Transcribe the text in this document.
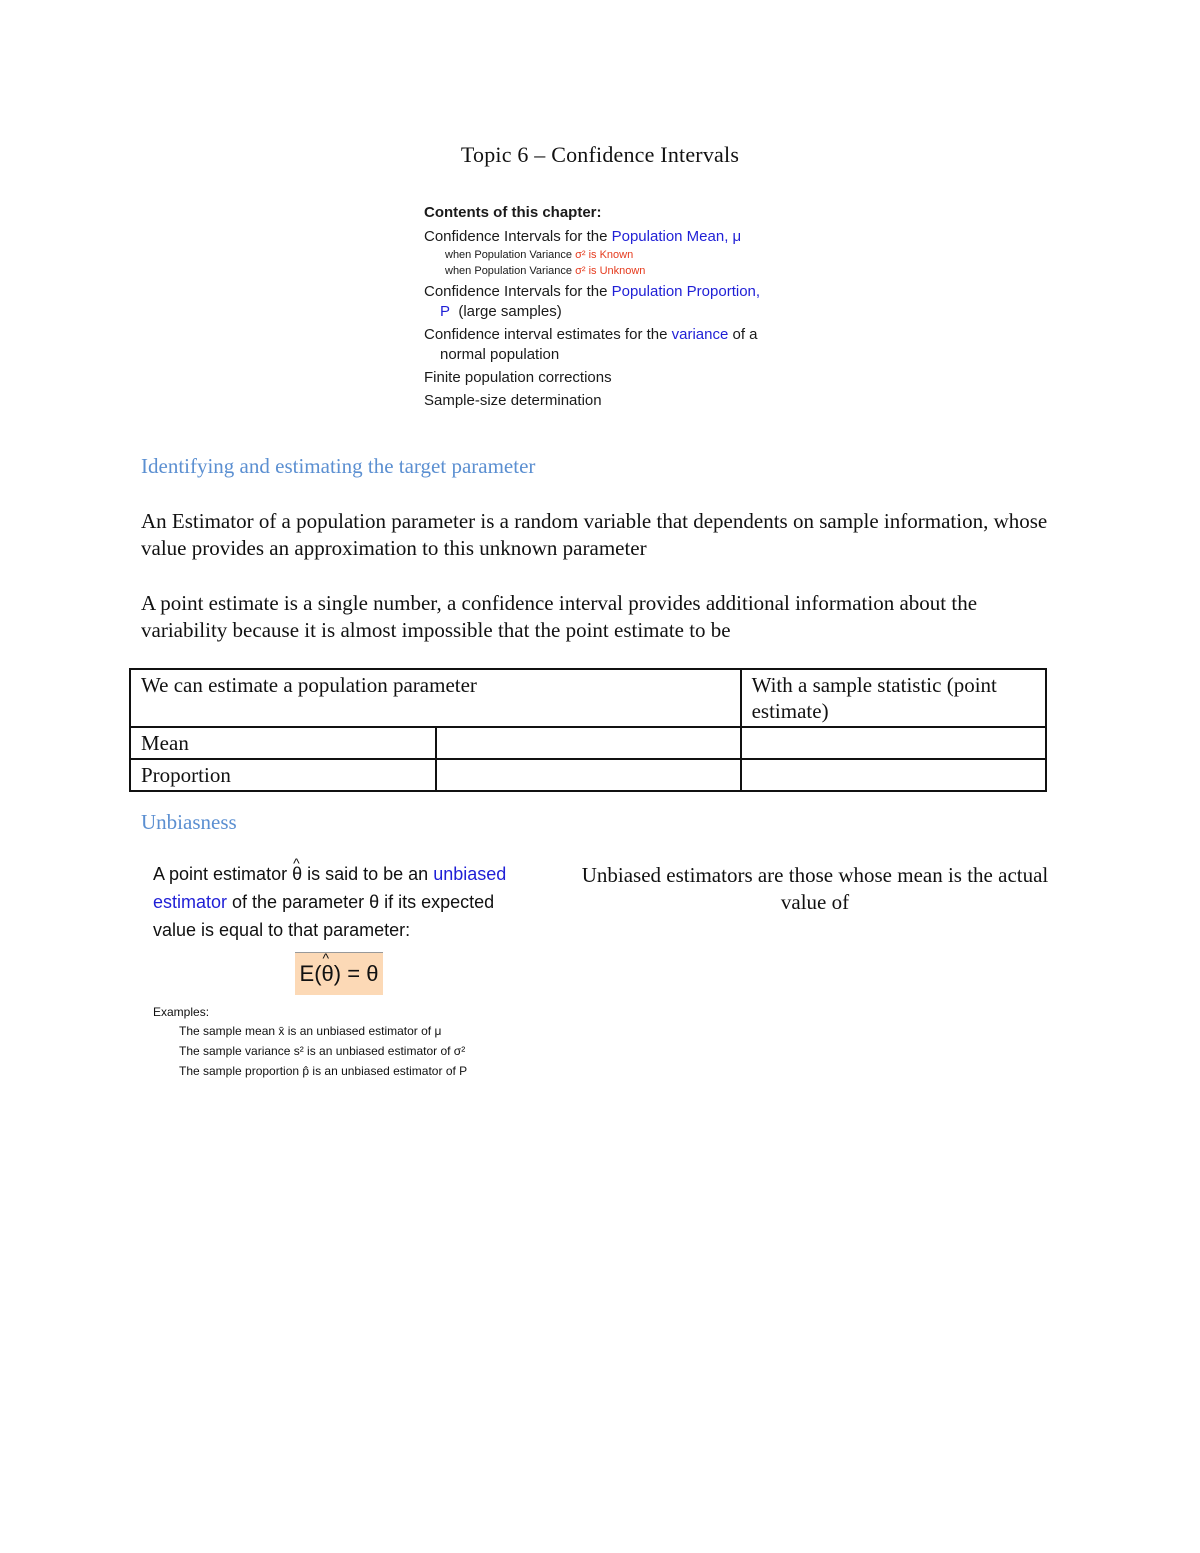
Topic 6 – Confidence Intervals
Contents of this chapter:
Confidence Intervals for the Population Mean, μ
when Population Variance σ² is Known
when Population Variance σ² is Unknown
Confidence Intervals for the Population Proportion,
P (large samples)
Confidence interval estimates for the variance of a
normal population
Finite population corrections
Sample-size determination
Identifying and estimating the target parameter
An Estimator of a population parameter is a random variable that dependents on sample information, whose value provides an approximation to this unknown parameter
A point estimate is a single number, a confidence interval provides additional information about the variability because it is almost impossible that the point estimate to be
We can estimate a population parameter		With a sample statistic (point estimate)
Mean		
Proportion		
Unbiasness
A point estimator ^ θ is said to be an unbiased
estimator of the parameter θ if its expected
value is equal to that parameter:
E( ^ θ ) = θ
Examples:
The sample mean x̄ is an unbiased estimator of μ
The sample variance s² is an unbiased estimator of σ²
The sample proportion p̂ is an unbiased estimator of P
Unbiased estimators are those whose mean is the actual value of
